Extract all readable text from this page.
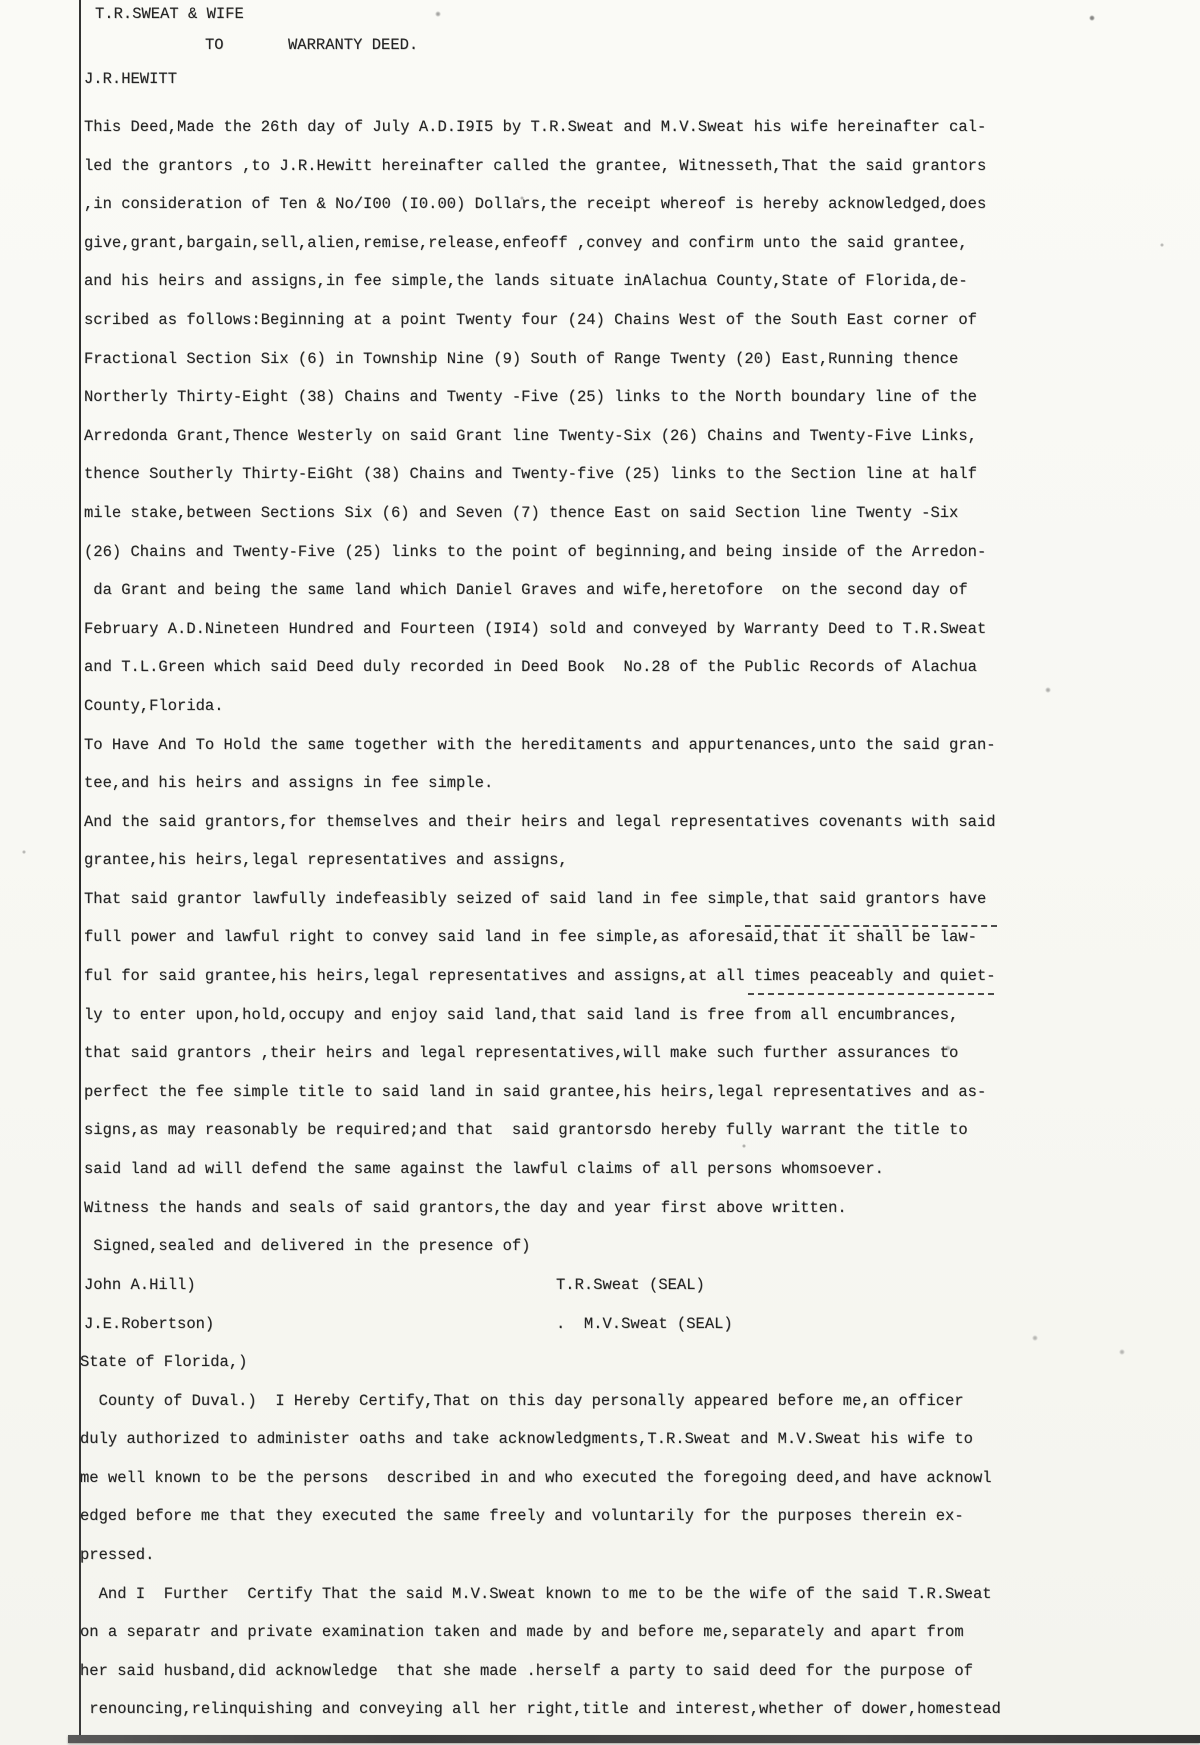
T.R.SWEAT & WIFE
TO	WARRANTY DEED.
J.R.HEWITT
This Deed,Made the 26th day of July A.D.I9I5 by T.R.Sweat and M.V.Sweat his wife hereinafter cal-
led the grantors ,to J.R.Hewitt hereinafter called the grantee, Witnesseth,That the said grantors
,in consideration of Ten & No/I00 (I0.00) Dollars,the receipt whereof is hereby acknowledged,does
give,grant,bargain,sell,alien,remise,release,enfeoff ,convey and confirm unto the said grantee,
and his heirs and assigns,in fee simple,the lands situate inAlachua County,State of Florida,de-
scribed as follows:Beginning at a point Twenty four (24) Chains West of the South East corner of
Fractional Section Six (6) in Township Nine (9) South of Range Twenty (20) East,Running thence
Northerly Thirty-Eight (38) Chains and Twenty -Five (25) links to the North boundary line of the
Arredonda Grant,Thence Westerly on said Grant line Twenty-Six (26) Chains and Twenty-Five Links,
thence Southerly Thirty-EiGht (38) Chains and Twenty-five (25) links to the Section line at half
mile stake,between Sections Six (6) and Seven (7) thence East on said Section line Twenty -Six
(26) Chains and Twenty-Five (25) links to the point of beginning,and being inside of the Arredon-
da Grant and being the same land which Daniel Graves and wife,heretofore  on the second day of
February A.D.Nineteen Hundred and Fourteen (I9I4) sold and conveyed by Warranty Deed to T.R.Sweat
and T.L.Green which said Deed duly recorded in Deed Book  No.28 of the Public Records of Alachua
County,Florida.
To Have And To Hold the same together with the hereditaments and appurtenances,unto the said gran-
tee,and his heirs and assigns in fee simple.
And the said grantors,for themselves and their heirs and legal representatives covenants with said
grantee,his heirs,legal representatives and assigns,
That said grantor lawfully indefeasibly seized of said land in fee simple,that said grantors have
full power and lawful right to convey said land in fee simple,as aforesaid,that it shall be law-
ful for said grantee,his heirs,legal representatives and assigns,at all times peaceably and quiet-
ly to enter upon,hold,occupy and enjoy said land,that said land is free from all encumbrances,
that said grantors ,their heirs and legal representatives,will make such further assurances to
perfect the fee simple title to said land in said grantee,his heirs,legal representatives and as-
signs,as may reasonably be required;and that  said grantorsdo hereby fully warrant the title to
said land ad will defend the same against the lawful claims of all persons whomsoever.
Witness the hands and seals of said grantors,the day and year first above written.
Signed,sealed and delivered in the presence of)
John A.Hill)	T.R.Sweat (SEAL)
J.E.Robertson)	.  M.V.Sweat (SEAL)
State of Florida,)
County of Duval.)  I Hereby Certify,That on this day personally appeared before me,an officer
duly authorized to administer oaths and take acknowledgments,T.R.Sweat and M.V.Sweat his wife to
me well known to be the persons  described in and who executed the foregoing deed,and have acknowl
edged before me that they executed the same freely and voluntarily for the purposes therein ex-
pressed.
And I  Further  Certify That the said M.V.Sweat known to me to be the wife of the said T.R.Sweat
on a separatr and private examination taken and made by and before me,separately and apart from
her said husband,did acknowledge  that she made .herself a party to said deed for the purpose of
renouncing,relinquishing and conveying all her right,title and interest,whether of dower,homestead
